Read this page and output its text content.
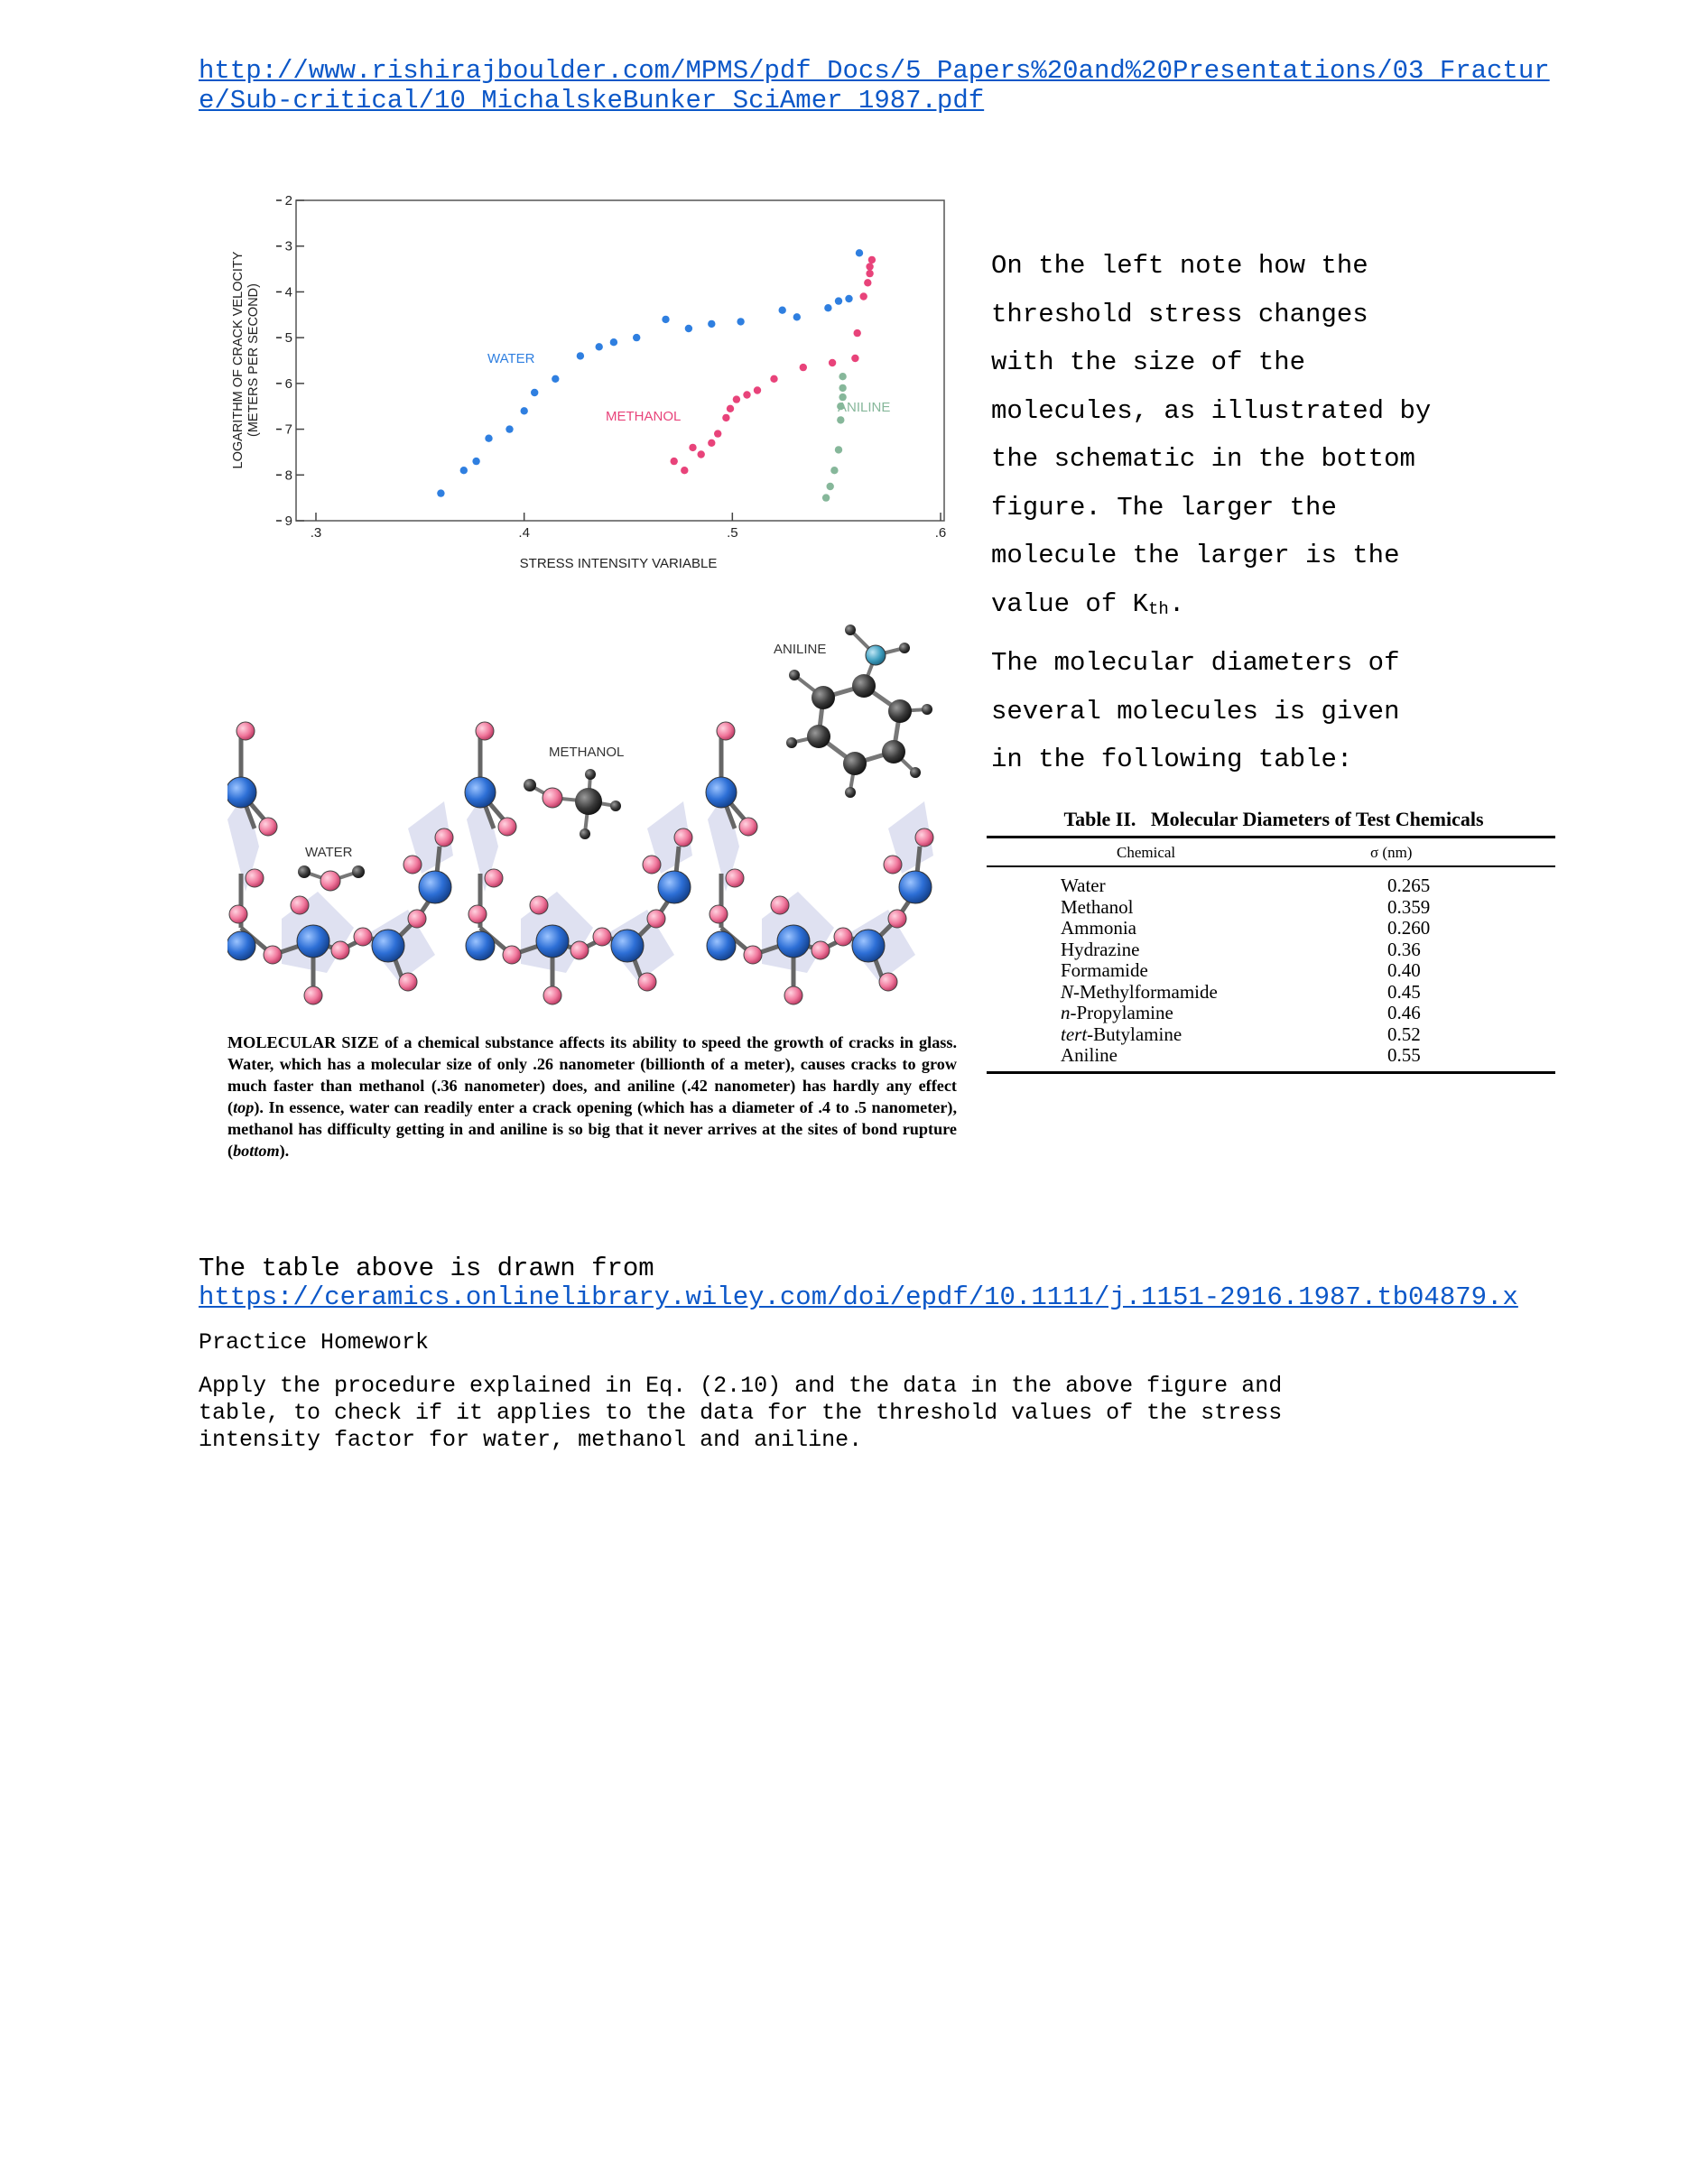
http://www.rishirajboulder.com/MPMS/pdf Docs/5 Papers%20and%20Presentations/03 Fractur
e/Sub-critical/10 MichalskeBunker SciAmer 1987.pdf
2
3
4
5
6
7
8
9
.3	.4	.5	.6
WATER
METHANOL
ANILINE
STRESS INTENSITY VARIABLE
LOGARITHM OF CRACK VELOCITY (METERS PER SECOND)
WATER
METHANOL
ANILINE
MOLECULAR SIZE of a chemical substance affects its ability to speed the growth of cracks in glass. Water, which has a molecular size of only .26 nanometer (billionth of a meter), causes cracks to grow much faster than methanol (.36 nanometer) does, and aniline (.42 nanometer) has hardly any effect (top). In essence, water can readily enter a crack opening (which has a diameter of .4 to .5 nanometer), methanol has difficulty getting in and aniline is so big that it never arrives at the sites of bond rupture (bottom).
On the left note how the
threshold stress changes
with the size of the
molecules, as illustrated by
the schematic in the bottom
figure. The larger the
molecule the larger is the
value of $K_{th}$.
The molecular diameters of
several molecules is given
in the following table:
Table II.   Molecular Diameters of Test Chemicals
Chemical	σ (nm)
Water	0.265
Methanol	0.359
Ammonia	0.260
Hydrazine	0.36
Formamide	0.40
N-Methylformamide	0.45
n-Propylamine	0.46
tert-Butylamine	0.52
Aniline	0.55
The table above is drawn from
https://ceramics.onlinelibrary.wiley.com/doi/epdf/10.1111/j.1151-2916.1987.tb04879.x
Practice Homework
Apply the procedure explained in Eq. (2.10) and the data in the above figure and
table, to check if it applies to the data for the threshold values of the stress
intensity factor for water, methanol and aniline.
